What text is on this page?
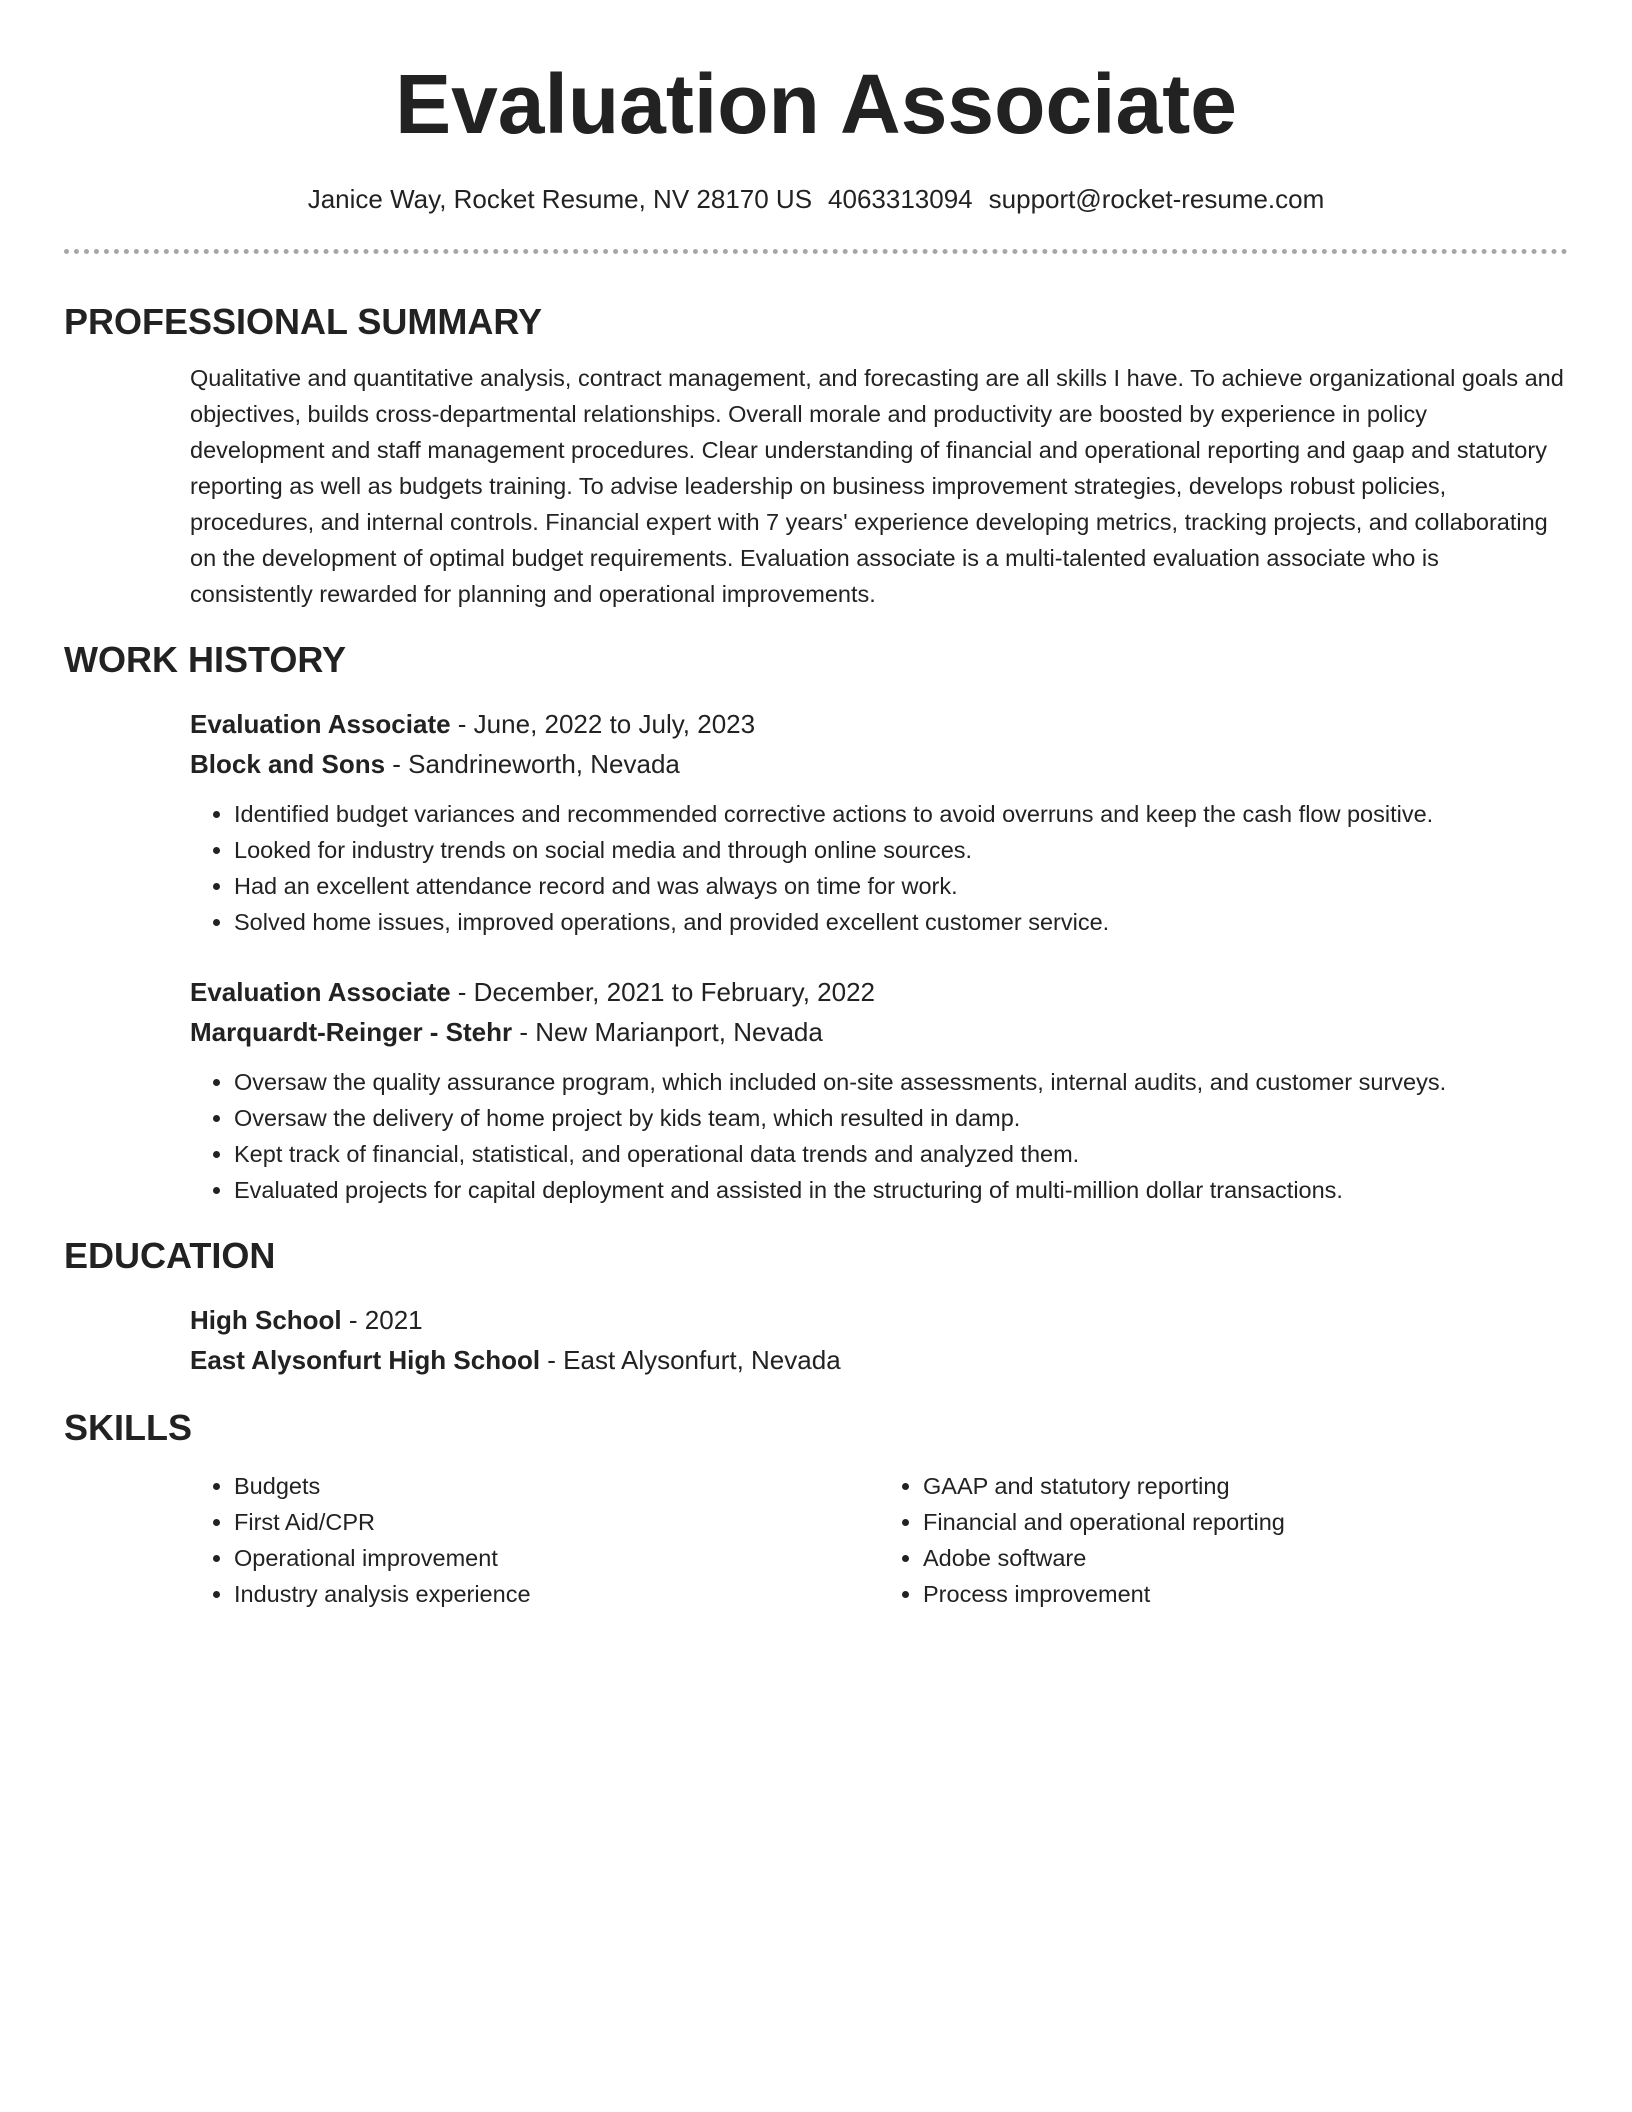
Evaluation Associate
Janice Way, Rocket Resume, NV 28170 US 4063313094 support@rocket-resume.com
PROFESSIONAL SUMMARY

Qualitative and quantitative analysis, contract management, and forecasting are all skills I have. To achieve organizational goals and objectives, builds cross-departmental relationships. Overall morale and productivity are boosted by experience in policy development and staff management procedures. Clear understanding of financial and operational reporting and gaap and statutory reporting as well as budgets training. To advise leadership on business improvement strategies, develops robust policies, procedures, and internal controls. Financial expert with 7 years' experience developing metrics, tracking projects, and collaborating on the development of optimal budget requirements. Evaluation associate is a multi-talented evaluation associate who is consistently rewarded for planning and operational improvements.

WORK HISTORY
Evaluation Associate - June, 2022 to July, 2023
Block and Sons - Sandrineworth, Nevada
• Identified budget variances and recommended corrective actions to avoid overruns and keep the cash flow positive.
• Looked for industry trends on social media and through online sources.
• Had an excellent attendance record and was always on time for work.
• Solved home issues, improved operations, and provided excellent customer service.
Evaluation Associate - December, 2021 to February, 2022
Marquardt-Reinger - Stehr - New Marianport, Nevada
• Oversaw the quality assurance program, which included on-site assessments, internal audits, and customer surveys.
• Oversaw the delivery of home project by kids team, which resulted in damp.
• Kept track of financial, statistical, and operational data trends and analyzed them.
• Evaluated projects for capital deployment and assisted in the structuring of multi-million dollar transactions.
EDUCATION
High School - 2021
East Alysonfurt High School - East Alysonfurt, Nevada
SKILLS
• Budgets
• First Aid/CPR
• Operational improvement
• Industry analysis experience
• GAAP and statutory reporting
• Financial and operational reporting
• Adobe software
• Process improvement
